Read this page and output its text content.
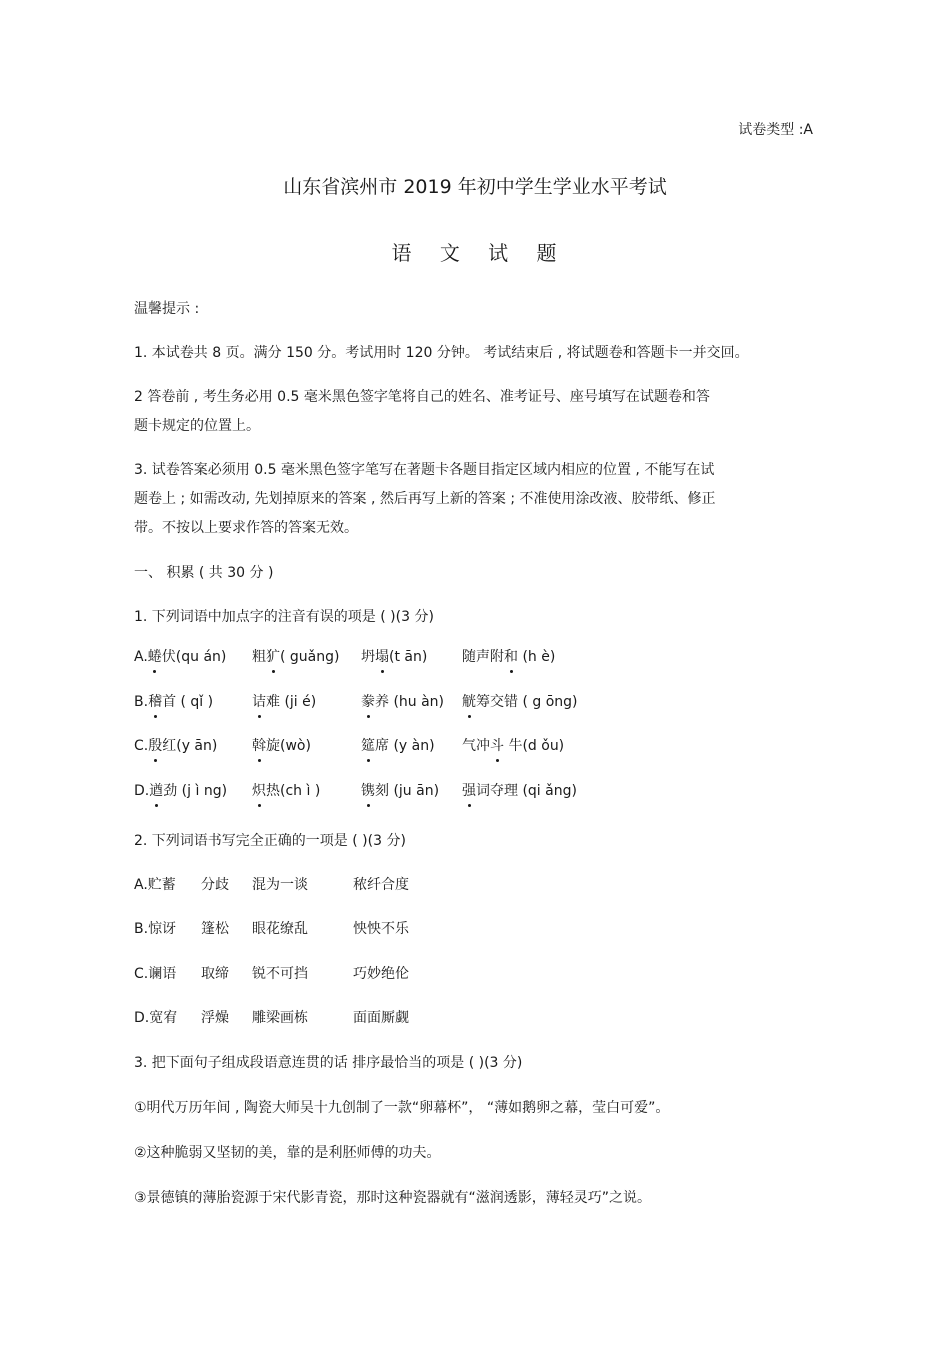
试卷类型 :A
山东省滨州市 2019 年初中学生学业水平考试
语 文 试 题
温馨提示 :
1. 本试卷共 8 页。满分 150 分。考试用时 120 分钟。 考试结束后 , 将试题卷和答题卡一并交回。
2 答卷前 , 考生务必用 0.5 毫米黑色签字笔将自己的姓名、准考证号、座号填写在试题卷和答
题卡规定的位置上。
3. 试卷答案必须用 0.5 毫米黑色签字笔写在著题卡各题目指定区域内相应的位置 , 不能写在试
题卷上 ; 如需改动, 先划掉原来的答案 , 然后再写上新的答案 ; 不准使用涂改液、胶带纸、修正
带。不按以上要求作答的答案无效。
一、 积累 ( 共 30 分 )
1. 下列词语中加点字的注音有误的项是 ( )(3 分)
A.蜷伏(qu án) 粗犷( guǎng) 坍塌(t ān) 随声附和 (h è)
B.稽首 ( qǐ )	诘难 (ji é)	豢养 (hu àn) 觥筹交错 ( g ōng)
C.殷红(y ān) 斡旋(wò)	筵席 (y àn) 气冲斗 牛(d ǒu)
D.遒劲 (j ì ng) 炽热(ch ì )	镌刻 (ju ān) 强词夺理 (qi ǎng)
2. 下列词语书写完全正确的一项是 ( )(3 分)
A.贮蓄 分歧 混为一谈	秾纤合度
B.惊讶 篷松 眼花缭乱	怏怏不乐
C.谰语 取缔 锐不可挡	巧妙绝伦
D.宽宥 浮燥 雕梁画栋	面面厮觑
3. 把下面句子组成段语意连贯的话 排序最恰当的项是 ( )(3 分)
①明代万历年间 , 陶瓷大师吴十九创制了一款“卵幕杯”， “薄如鹅卵之幕，莹白可爱”。
②这种脆弱又坚韧的美，靠的是利胚师傅的功夫。
③景德镇的薄胎瓷源于宋代影青瓷，那时这种瓷器就有“滋润透影，薄轻灵巧”之说。
